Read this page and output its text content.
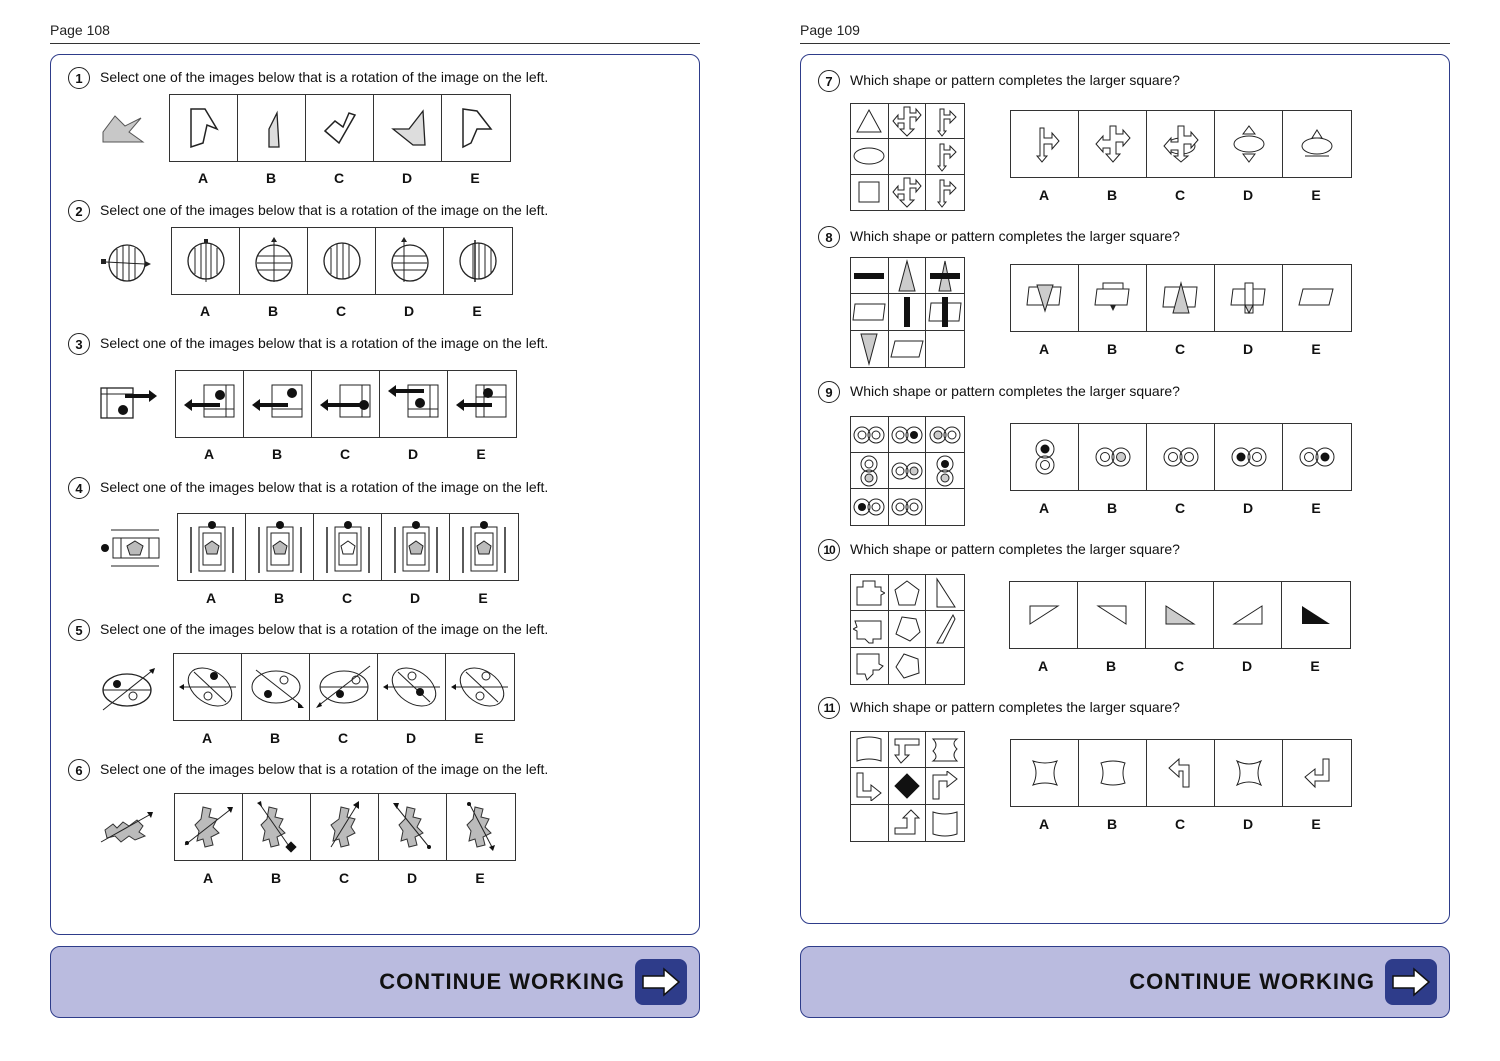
Page 108
1	Select one of the images below that is a rotation of the image on the left.
A	B	C	D	E
2	Select one of the images below that is a rotation of the image on the left.
A	B	C	D	E
3	Select one of the images below that is a rotation of the image on the left.
A	B	C	D	E
4	Select one of the images below that is a rotation of the image on the left.
A	B	C	D	E
5	Select one of the images below that is a rotation of the image on the left.
A	B	C	D	E
6	Select one of the images below that is a rotation of the image on the left.
A	B	C	D	E
CONTINUE WORKING
Page 109
7	Which shape or pattern completes the larger square?
A	B	C	D	E
8	Which shape or pattern completes the larger square?
A	B	C	D	E
9	Which shape or pattern completes the larger square?
A	B	C	D	E
10	Which shape or pattern completes the larger square?
A	B	C	D	E
11	Which shape or pattern completes the larger square?
A	B	C	D	E
CONTINUE WORKING
